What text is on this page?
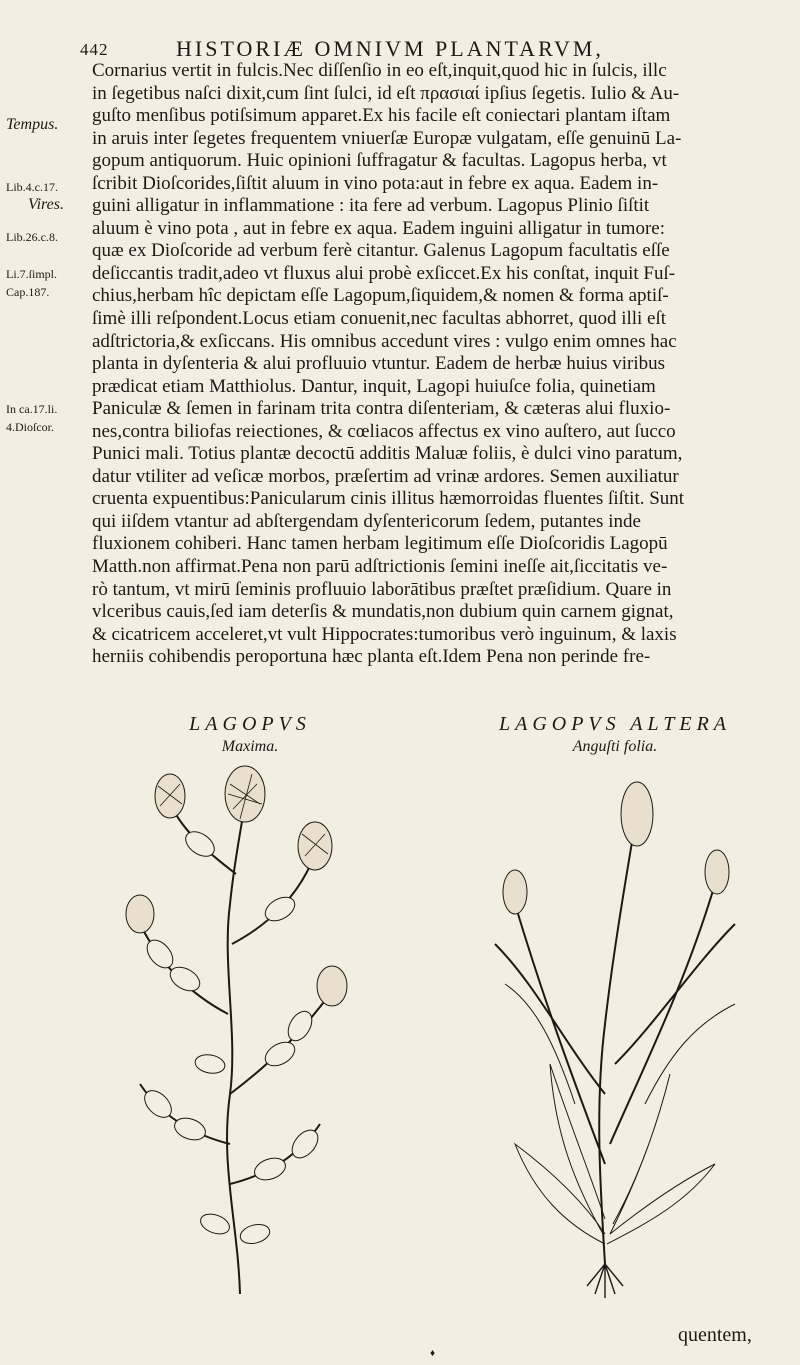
442	HISTORIÆ OMNIVM PLANTARVM,
Tempus.
Lib.4.c.17.
Vires.
Lib.26.c.8.
Li.7.ſimpl.
Cap.187.
In ca.17.li.
4.Dioſcor.
Cornarius vertit in fulcis.Nec diſſenſio in eo eſt,inquit,quod hic in ſulcis, illc
in ſegetibus naſci dixit,cum ſint ſulci, id eſt πρασιαί ipſius ſegetis. Iulio & Au-
guſto menſibus potiſsimum apparet.Ex his facile eſt coniectari plantam iſtam
in aruis inter ſegetes frequentem vniuerſæ Europæ vulgatam, eſſe genuinū La-
gopum antiquorum. Huic opinioni ſuffragatur & facultas. Lagopus herba, vt
ſcribit Dioſcorides,ſiſtit aluum in vino pota:aut in febre ex aqua. Eadem in-
guini alligatur in inflammatione : ita fere ad verbum. Lagopus Plinio ſiſtit
aluum è vino pota , aut in febre ex aqua. Eadem inguini alligatur in tumore:
quæ ex Dioſcoride ad verbum ferè citantur. Galenus Lagopum facultatis eſſe
deſiccantis tradit,adeo vt fluxus alui probè exſiccet.Ex his conſtat, inquit Fuſ-
chius,herbam hîc depictam eſſe Lagopum,ſiquidem,& nomen & forma aptiſ-
ſimè illi reſpondent.Locus etiam conuenit,nec facultas abhorret, quod illi eſt
adſtrictoria,& exſiccans. His omnibus accedunt vires : vulgo enim omnes hac
planta in dyſenteria & alui profluuio vtuntur. Eadem de herbæ huius viribus
prædicat etiam Matthiolus. Dantur, inquit, Lagopi huiuſce folia, quinetiam
Paniculæ & ſemen in farinam trita contra diſenteriam, & cæteras alui fluxio-
nes,contra biliofas reiectiones, & cœliacos affectus ex vino auſtero, aut ſucco
Punici mali. Totius plantæ decoctū additis Maluæ foliis, è dulci vino paratum,
datur vtiliter ad veſicæ morbos, præſertim ad vrinæ ardores. Semen auxiliatur
cruenta expuentibus:Panicularum cinis illitus hæmorroidas fluentes ſiſtit. Sunt
qui iiſdem vtantur ad abſtergendam dyſentericorum ſedem, putantes inde
fluxionem cohiberi. Hanc tamen herbam legitimum eſſe Dioſcoridis Lagopū
Matth.non affirmat.Pena non parū adſtrictionis ſemini ineſſe ait,ſiccitatis ve-
rò tantum, vt mirū ſeminis profluuio laborātibus præſtet præſidium. Quare in
vlceribus cauis,ſed iam deterſis & mundatis,non dubium quin carnem gignat,
& cicatricem acceleret,vt vult Hippocrates:tumoribus verò inguinum, & laxis
herniis cohibendis peroportuna hæc planta eſt.Idem Pena non perinde fre-
LAGOPVS
Maxima.
LAGOPVS ALTERA
Anguſti folia.
quentem,
♦
